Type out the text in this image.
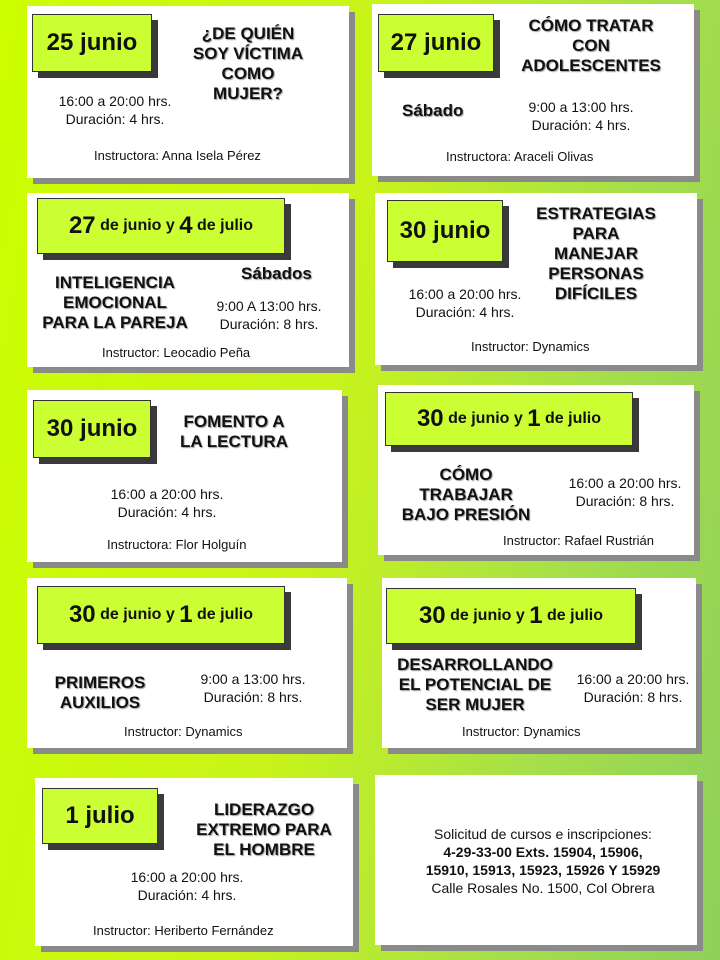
25 junio	¿DE QUIÉN
SOY VÍCTIMA
COMO
MUJER?
16:00 a 20:00 hrs.
Duración: 4 hrs.
Instructora: Anna Isela Pérez
27 junio
CÓMO TRATAR
CON
ADOLESCENTES
Sábado	9:00 a 13:00 hrs.
Duración: 4 hrs.
Instructora: Araceli Olivas
27 de junio y 4 de julio
INTELIGENCIA
EMOCIONAL
PARA LA PAREJA
Sábados
9:00 A 13:00 hrs.
Duración: 8 hrs.
Instructor: Leocadio Peña
30 junio
ESTRATEGIAS
PARA
MANEJAR
PERSONAS
DIFÍCILES
16:00 a 20:00 hrs.
Duración: 4 hrs.
Instructor: Dynamics
30 junio	FOMENTO A
LA LECTURA
16:00 a 20:00 hrs.
Duración: 4 hrs.
Instructora: Flor Holguín
30 de junio y 1 de julio
CÓMO
TRABAJAR
BAJO PRESIÓN
16:00 a 20:00 hrs.
Duración: 8 hrs.
Instructor: Rafael Rustrián
30 de junio y 1 de julio
PRIMEROS
AUXILIOS
9:00 a 13:00 hrs.
Duración: 8 hrs.
Instructor: Dynamics
30 de junio y 1 de julio
DESARROLLANDO
EL POTENCIAL DE
SER MUJER
16:00 a 20:00 hrs.
Duración: 8 hrs.
Instructor: Dynamics
1 julio	LIDERAZGO
EXTREMO PARA
EL HOMBRE
16:00 a 20:00 hrs.
Duración: 4 hrs.
Instructor: Heriberto Fernández
Solicitud de cursos e inscripciones:
4-29-33-00 Exts. 15904, 15906,
15910, 15913, 15923, 15926 Y 15929
Calle Rosales No. 1500, Col Obrera
